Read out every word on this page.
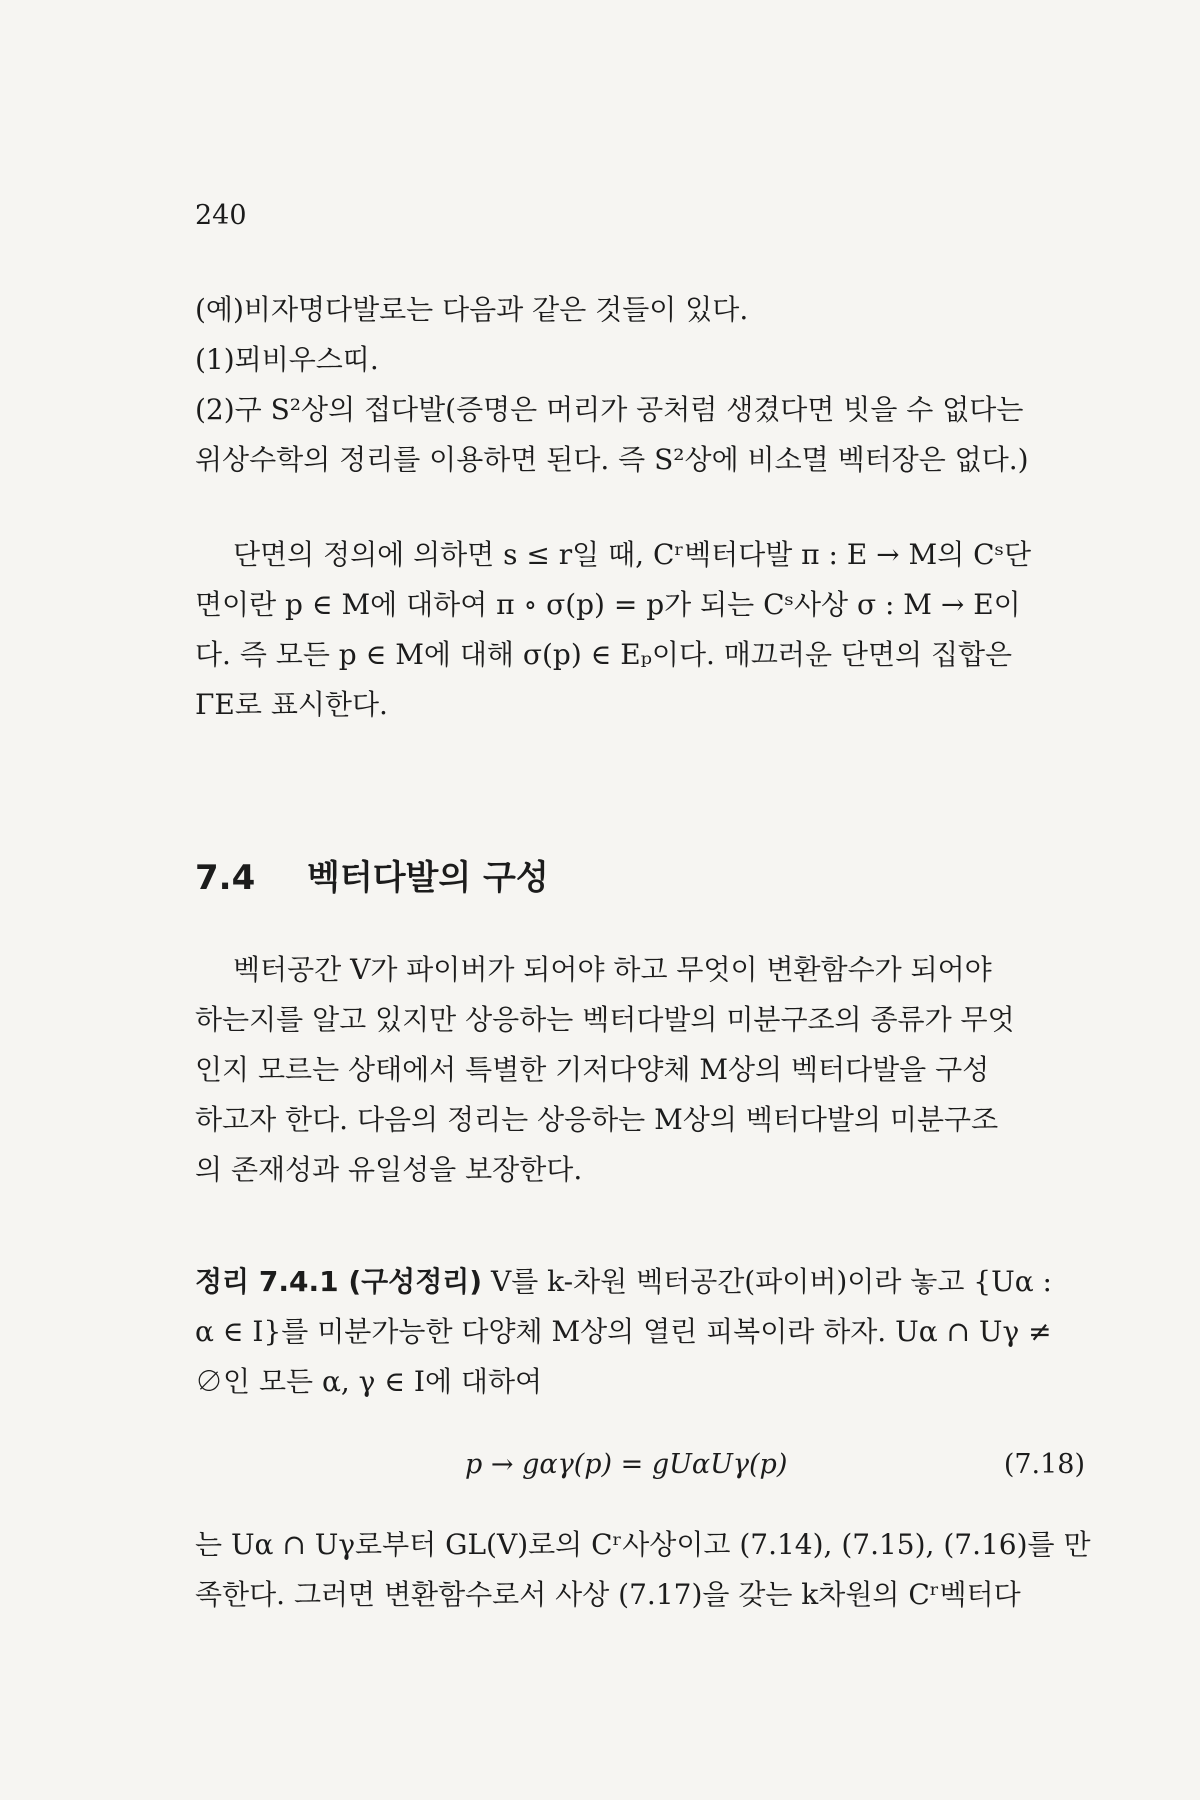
240
(예)비자명다발로는 다음과 같은 것들이 있다.
(1)뫼비우스띠.
(2)구 S²상의 접다발(증명은 머리가 공처럼 생겼다면 빗을 수 없다는
위상수학의 정리를 이용하면 된다. 즉 S²상에 비소멸 벡터장은 없다.)
단면의 정의에 의하면 s ≤ r일 때, Cʳ벡터다발 π : E → M의 Cˢ단
면이란 p ∈ M에 대하여 π ∘ σ(p) = p가 되는 Cˢ사상 σ : M → E이
다. 즉 모든 p ∈ M에 대해 σ(p) ∈ Eₚ이다. 매끄러운 단면의 집합은
ΓE로 표시한다.
7.4 벡터다발의 구성
벡터공간 V가 파이버가 되어야 하고 무엇이 변환함수가 되어야
하는지를 알고 있지만 상응하는 벡터다발의 미분구조의 종류가 무엇
인지 모르는 상태에서 특별한 기저다양체 M상의 벡터다발을 구성
하고자 한다. 다음의 정리는 상응하는 M상의 벡터다발의 미분구조
의 존재성과 유일성을 보장한다.
정리 7.4.1 (구성정리) V를 k-차원 벡터공간(파이버)이라 놓고 {Uα :
α ∈ I}를 미분가능한 다양체 M상의 열린 피복이라 하자. Uα ∩ Uγ ≠
∅인 모든 α, γ ∈ I에 대하여
p → gαγ(p) = gUαUγ(p)	(7.18)
는 Uα ∩ Uγ로부터 GL(V)로의 Cʳ사상이고 (7.14), (7.15), (7.16)를 만
족한다. 그러면 변환함수로서 사상 (7.17)을 갖는 k차원의 Cʳ벡터다
